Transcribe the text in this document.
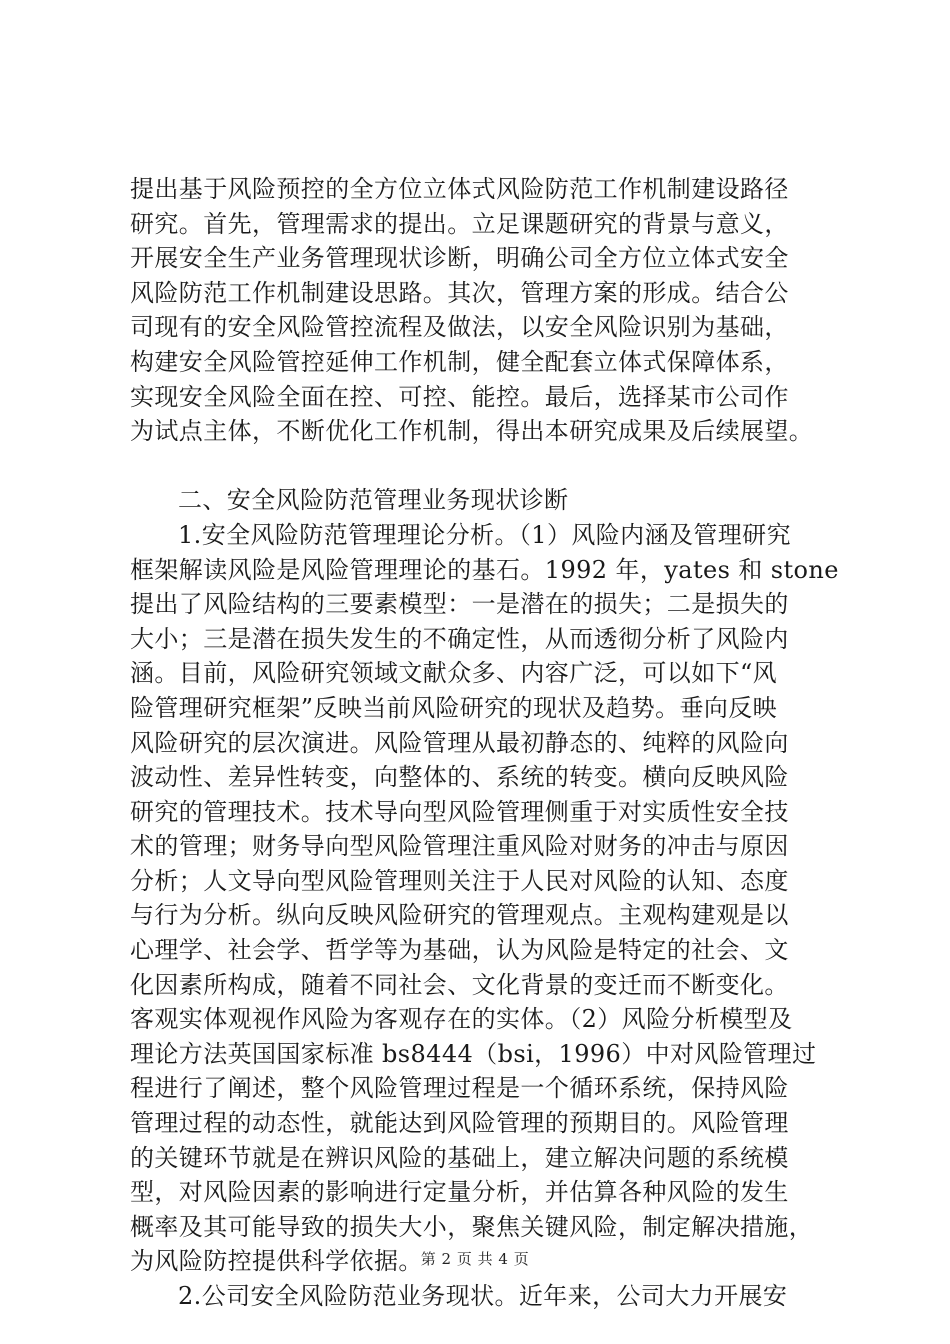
提出基于风险预控的全方位立体式风险防范工作机制建设路径
研究。首先，管理需求的提出。立足课题研究的背景与意义，
开展安全生产业务管理现状诊断，明确公司全方位立体式安全
风险防范工作机制建设思路。其次，管理方案的形成。结合公
司现有的安全风险管控流程及做法，以安全风险识别为基础，
构建安全风险管控延伸工作机制，健全配套立体式保障体系，
实现安全风险全面在控、可控、能控。最后，选择某市公司作
为试点主体，不断优化工作机制，得出本研究成果及后续展望。
二、安全风险防范管理业务现状诊断
1.安全风险防范管理理论分析。（1）风险内涵及管理研究
框架解读风险是风险管理理论的基石。1992 年，yates 和 stone
提出了风险结构的三要素模型：一是潜在的损失；二是损失的
大小；三是潜在损失发生的不确定性，从而透彻分析了风险内
涵。目前，风险研究领域文献众多、内容广泛，可以如下“风
险管理研究框架”反映当前风险研究的现状及趋势。垂向反映
风险研究的层次演进。风险管理从最初静态的、纯粹的风险向
波动性、差异性转变，向整体的、系统的转变。横向反映风险
研究的管理技术。技术导向型风险管理侧重于对实质性安全技
术的管理；财务导向型风险管理注重风险对财务的冲击与原因
分析；人文导向型风险管理则关注于人民对风险的认知、态度
与行为分析。纵向反映风险研究的管理观点。主观构建观是以
心理学、社会学、哲学等为基础，认为风险是特定的社会、文
化因素所构成，随着不同社会、文化背景的变迁而不断变化。
客观实体观视作风险为客观存在的实体。（2）风险分析模型及
理论方法英国国家标准 bs8444（bsi，1996）中对风险管理过
程进行了阐述，整个风险管理过程是一个循环系统，保持风险
管理过程的动态性，就能达到风险管理的预期目的。风险管理
的关键环节就是在辨识风险的基础上，建立解决问题的系统模
型，对风险因素的影响进行定量分析，并估算各种风险的发生
概率及其可能导致的损失大小，聚焦关键风险，制定解决措施，
为风险防控提供科学依据。
2.公司安全风险防范业务现状。近年来，公司大力开展安
第 2 页 共 4 页
